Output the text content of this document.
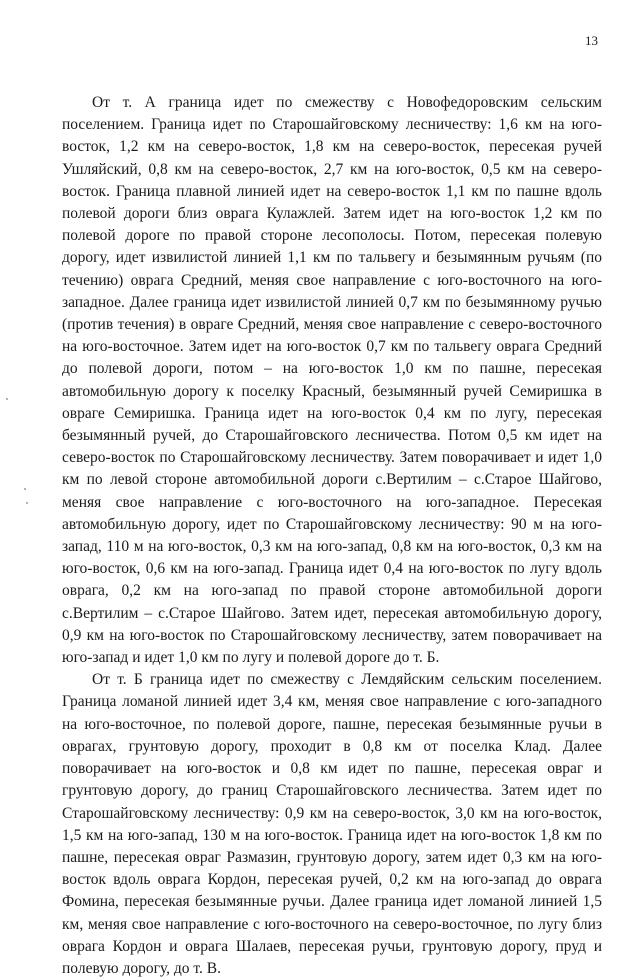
13

От т. А граница идет по смежеству с Новофедоровским сельским поселением. Граница идет по Старошайговскому лесничеству: 1,6 км на юго-восток, 1,2 км на северо-восток, 1,8 км на северо-восток, пересекая ручей Ушляйский, 0,8 км на северо-восток, 2,7 км на юго-восток, 0,5 км на северо-восток. Граница плавной линией идет на северо-восток 1,1 км по пашне вдоль полевой дороги близ оврага Кулажлей. Затем идет на юго-восток 1,2 км по полевой дороге по правой стороне лесополосы. Потом, пересекая полевую дорогу, идет извилистой линией 1,1 км по тальвегу и безымянным ручьям (по течению) оврага Средний, меняя свое направление с юго-восточного на юго-западное. Далее граница идет извилистой линией 0,7 км по безымянному ручью (против течения) в овраге Средний, меняя свое направление с северо-восточного на юго-восточное. Затем идет на юго-восток 0,7 км по тальвегу оврага Средний до полевой дороги, потом – на юго-восток 1,0 км по пашне, пересекая автомобильную дорогу к поселку Красный, безымянный ручей Семиришка в овраге Семиришка. Граница идет на юго-восток 0,4 км по лугу, пересекая безымянный ручей, до Старошайговского лесничества. Потом 0,5 км идет на северо-восток по Старошайговскому лесничеству. Затем поворачивает и идет 1,0 км по левой стороне автомобильной дороги с.Вертилим – с.Старое Шайгово, меняя свое направление с юго-восточного на юго-западное. Пересекая автомобильную дорогу, идет по Старошайговскому лесничеству: 90 м на юго-запад, 110 м на юго-восток, 0,3 км на юго-запад, 0,8 км на юго-восток, 0,3 км на юго-восток, 0,6 км на юго-запад. Граница идет 0,4 на юго-восток по лугу вдоль оврага, 0,2 км на юго-запад по правой стороне автомобильной дороги с.Вертилим – с.Старое Шайгово. Затем идет, пересекая автомобильную дорогу, 0,9 км на юго-восток по Старошайговскому лесничеству, затем поворачивает на юго-запад и идет 1,0 км по лугу и полевой дороге до т. Б.

От т. Б граница идет по смежеству с Лемдяйским сельским поселением. Граница ломаной линией идет 3,4 км, меняя свое направление с юго-западного на юго-восточное, по полевой дороге, пашне, пересекая безымянные ручьи в оврагах, грунтовую дорогу, проходит в 0,8 км от поселка Клад. Далее поворачивает на юго-восток и 0,8 км идет по пашне, пересекая овраг и грунтовую дорогу, до границ Старошайговского лесничества. Затем идет по Старошайговскому лесничеству: 0,9 км на северо-восток, 3,0 км на юго-восток, 1,5 км на юго-запад, 130 м на юго-восток. Граница идет на юго-восток 1,8 км по пашне, пересекая овраг Размазин, грунтовую дорогу, затем идет 0,3 км на юго-восток вдоль оврага Кордон, пересекая ручей, 0,2 км на юго-запад до оврага Фомина, пересекая безымянные ручьи. Далее граница идет ломаной линией 1,5 км, меняя свое направление с юго-восточного на северо-восточное, по лугу близ оврага Кордон и оврага Шалаев, пересекая ручьи, грунтовую дорогу, пруд и полевую дорогу, до т. В.
